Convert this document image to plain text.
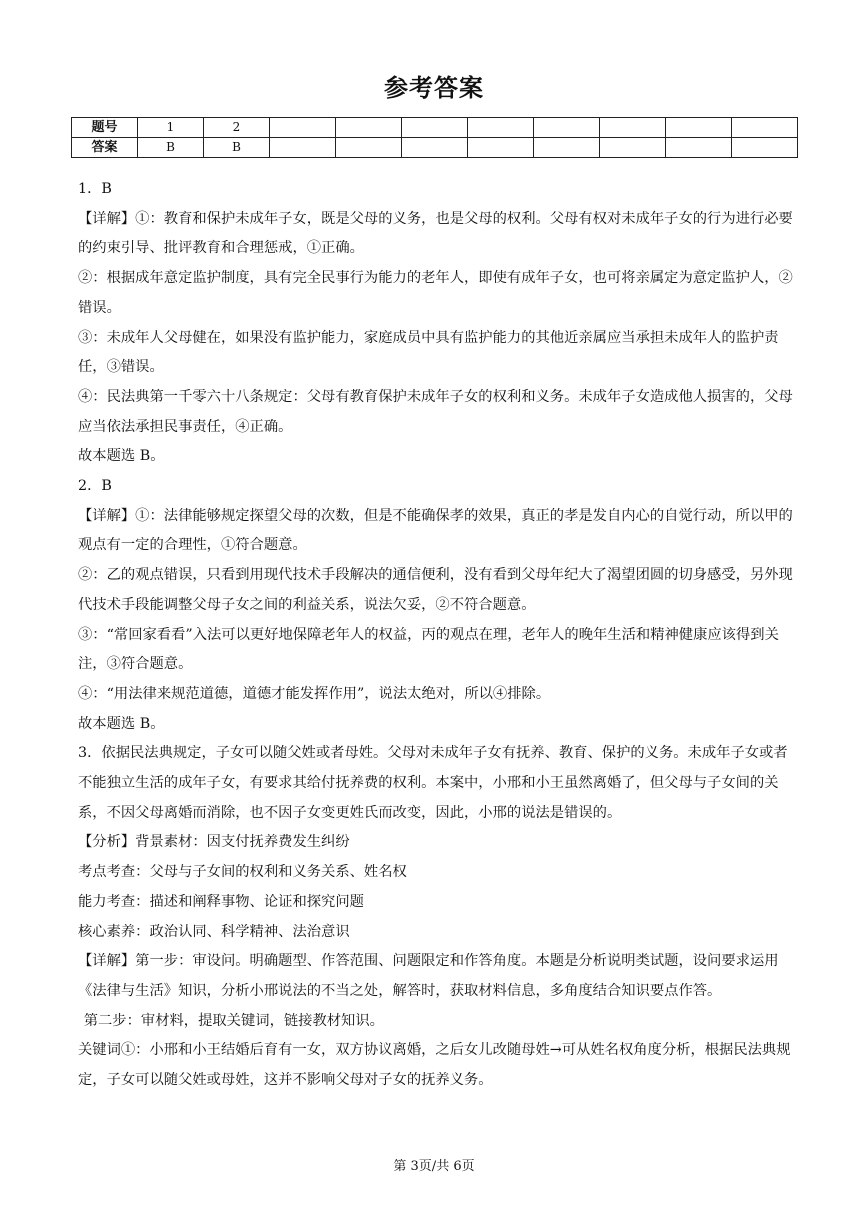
参考答案
题号	1	2								
答案	B	B								

1．B

【详解】①：教育和保护未成年子女，既是父母的义务，也是父母的权利。父母有权对未成年子女的行为进行必要的约束引导、批评教育和合理惩戒，①正确。

②：根据成年意定监护制度，具有完全民事行为能力的老年人，即使有成年子女，也可将亲属定为意定监护人，②错误。

③：未成年人父母健在，如果没有监护能力，家庭成员中具有监护能力的其他近亲属应当承担未成年人的监护责任，③错误。

④：民法典第一千零六十八条规定：父母有教育保护未成年子女的权利和义务。未成年子女造成他人损害的，父母应当依法承担民事责任，④正确。

故本题选 B。

2．B

【详解】①：法律能够规定探望父母的次数，但是不能确保孝的效果，真正的孝是发自内心的自觉行动，所以甲的观点有一定的合理性，①符合题意。

②：乙的观点错误，只看到用现代技术手段解决的通信便利，没有看到父母年纪大了渴望团圆的切身感受，另外现代技术手段能调整父母子女之间的利益关系，说法欠妥，②不符合题意。

③：“常回家看看”入法可以更好地保障老年人的权益，丙的观点在理，老年人的晚年生活和精神健康应该得到关注，③符合题意。

④：“用法律来规范道德，道德才能发挥作用”，说法太绝对，所以④排除。

故本题选 B。

3．依据民法典规定，子女可以随父姓或者母姓。父母对未成年子女有抚养、教育、保护的义务。未成年子女或者不能独立生活的成年子女，有要求其给付抚养费的权利。本案中，小邢和小王虽然离婚了，但父母与子女间的关系，不因父母离婚而消除，也不因子女变更姓氏而改变，因此，小邢的说法是错误的。

【分析】背景素材：因支付抚养费发生纠纷

考点考查：父母与子女间的权利和义务关系、姓名权

能力考查：描述和阐释事物、论证和探究问题

核心素养：政治认同、科学精神、法治意识

【详解】第一步：审设问。明确题型、作答范围、问题限定和作答角度。本题是分析说明类试题，设问要求运用《法律与生活》知识，分析小邢说法的不当之处，解答时，获取材料信息，多角度结合知识要点作答。

第二步：审材料，提取关键词，链接教材知识。

关键词①：小邢和小王结婚后育有一女，双方协议离婚，之后女儿改随母姓→可从姓名权角度分析，根据民法典规定，子女可以随父姓或母姓，这并不影响父母对子女的抚养义务。

第 3页/共 6页
